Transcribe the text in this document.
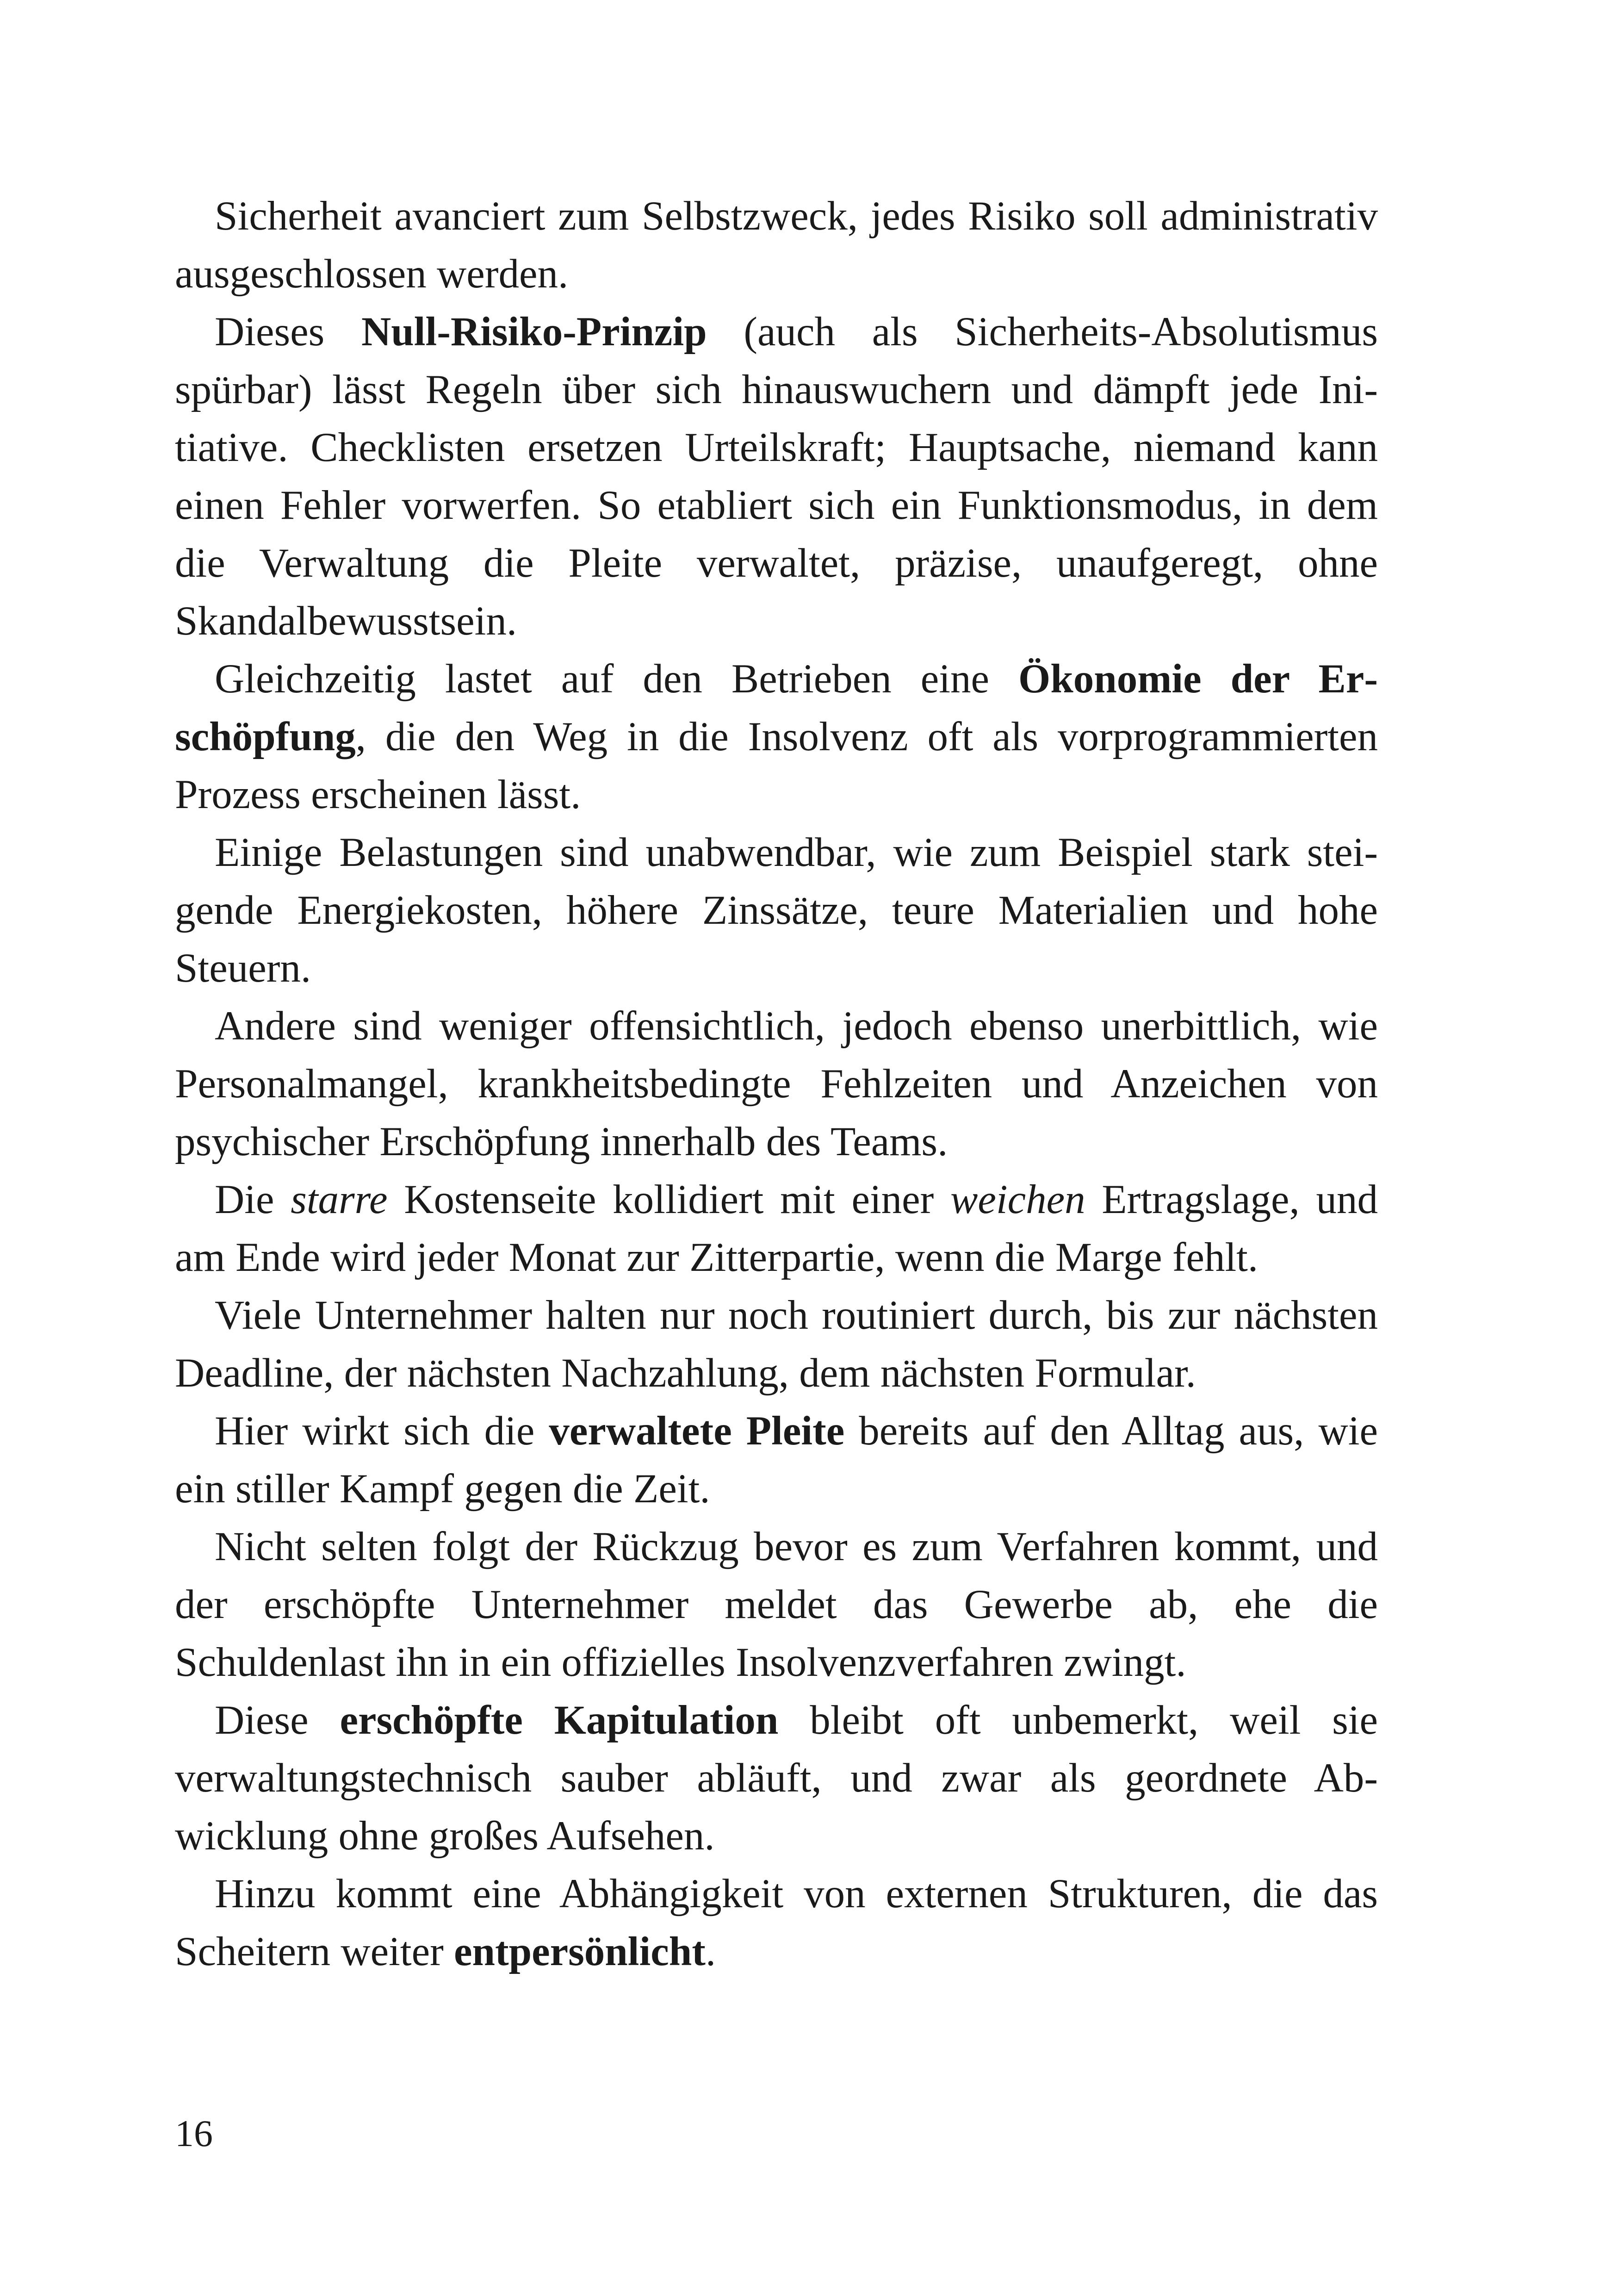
Sicherheit avanciert zum Selbstzweck, jedes Risiko soll administrativ ausgeschlossen werden.

Dieses Null-Risiko-Prinzip (auch als Sicherheits-Absolutismus spürbar) lässt Regeln über sich hinauswuchern und dämpft jede Initiative. Checklisten ersetzen Urteilskraft; Hauptsache, niemand kann einen Fehler vorwerfen. So etabliert sich ein Funktionsmodus, in dem die Verwaltung die Pleite verwaltet, präzise, unaufgeregt, ohne Skandalbewusstsein.

Gleichzeitig lastet auf den Betrieben eine Ökonomie der Erschöpfung, die den Weg in die Insolvenz oft als vorprogrammierten Prozess erscheinen lässt.

Einige Belastungen sind unabwendbar, wie zum Beispiel stark steigende Energiekosten, höhere Zinssätze, teure Materialien und hohe Steuern.

Andere sind weniger offensichtlich, jedoch ebenso unerbittlich, wie Personalmangel, krankheitsbedingte Fehlzeiten und Anzeichen von psychischer Erschöpfung innerhalb des Teams.

Die starre Kostenseite kollidiert mit einer weichen Ertragslage, und am Ende wird jeder Monat zur Zitterpartie, wenn die Marge fehlt.

Viele Unternehmer halten nur noch routiniert durch, bis zur nächsten Deadline, der nächsten Nachzahlung, dem nächsten Formular.

Hier wirkt sich die verwaltete Pleite bereits auf den Alltag aus, wie ein stiller Kampf gegen die Zeit.

Nicht selten folgt der Rückzug bevor es zum Verfahren kommt, und der erschöpfte Unternehmer meldet das Gewerbe ab, ehe die Schuldenlast ihn in ein offizielles Insolvenzverfahren zwingt.

Diese erschöpfte Kapitulation bleibt oft unbemerkt, weil sie verwaltungstechnisch sauber abläuft, und zwar als geordnete Abwicklung ohne großes Aufsehen.

Hinzu kommt eine Abhängigkeit von externen Strukturen, die das Scheitern weiter entpersönlicht.

16
